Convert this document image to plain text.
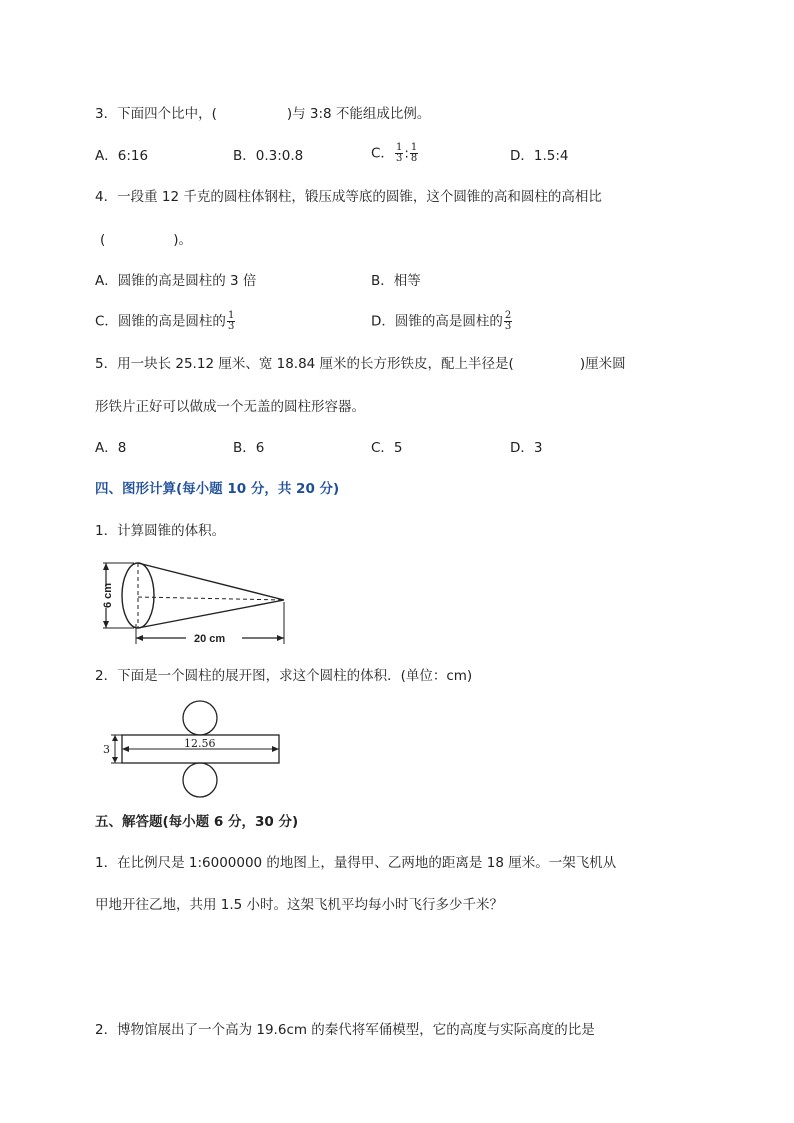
3．下面四个比中，(	)与 3:8 不能组成比例。
A．6:16	B．0.3:0.8	C． $\frac{1}{3}$ : $\frac{1}{8}$	D．1.5:4
4．一段重 12 千克的圆柱体钢柱，锻压成等底的圆锥，这个圆锥的高和圆柱的高相比
(	)。
A．圆锥的高是圆柱的 3 倍	B．相等
C．圆锥的高是圆柱的 $\frac{1}{3}$	D．圆锥的高是圆柱的 $\frac{2}{3}$
5．用一块长 25.12 厘米、宽 18.84 厘米的长方形铁皮，配上半径是(	)厘米圆
形铁片正好可以做成一个无盖的圆柱形容器。
A．8	B．6	C．5	D．3
四、图形计算(每小题 10 分，共 20 分)
1．计算圆锥的体积。
6 cm
20 cm
2．下面是一个圆柱的展开图，求这个圆柱的体积．(单位：cm)
12.56
3
五、解答题(每小题 6 分，30 分)
1．在比例尺是 1:6000000 的地图上，量得甲、乙两地的距离是 18 厘米。一架飞机从
甲地开往乙地，共用 1.5 小时。这架飞机平均每小时飞行多少千米？
2．博物馆展出了一个高为 19.6cm 的秦代将军俑模型，它的高度与实际高度的比是
